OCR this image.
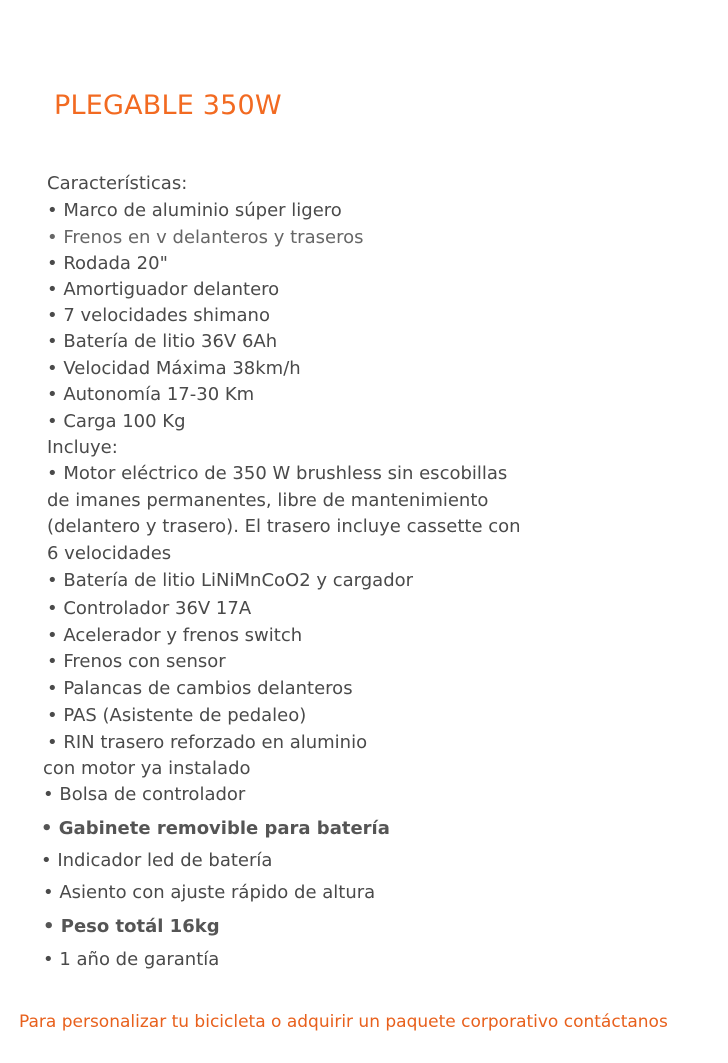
PLEGABLE 350W
Características:
• Marco de aluminio súper ligero
• Frenos en v delanteros y traseros
• Rodada 20"
• Amortiguador delantero
• 7 velocidades shimano
• Batería de litio 36V 6Ah
• Velocidad Máxima 38km/h
• Autonomía 17-30 Km
• Carga 100 Kg
Incluye:
• Motor eléctrico de 350 W brushless sin escobillas
de imanes permanentes, libre de mantenimiento
(delantero y trasero). El trasero incluye cassette con
6 velocidades
• Batería de litio LiNiMnCoO2 y cargador
• Controlador 36V 17A
• Acelerador y frenos switch
• Frenos con sensor
• Palancas de cambios delanteros
• PAS (Asistente de pedaleo)
• RIN trasero reforzado en aluminio
con motor ya instalado
• Bolsa de controlador
• Gabinete removible para batería
• Indicador led de batería
• Asiento con ajuste rápido de altura
• Peso totál 16kg
• 1 año de garantía
Para personalizar tu bicicleta o adquirir un paquete corporativo contáctanos
